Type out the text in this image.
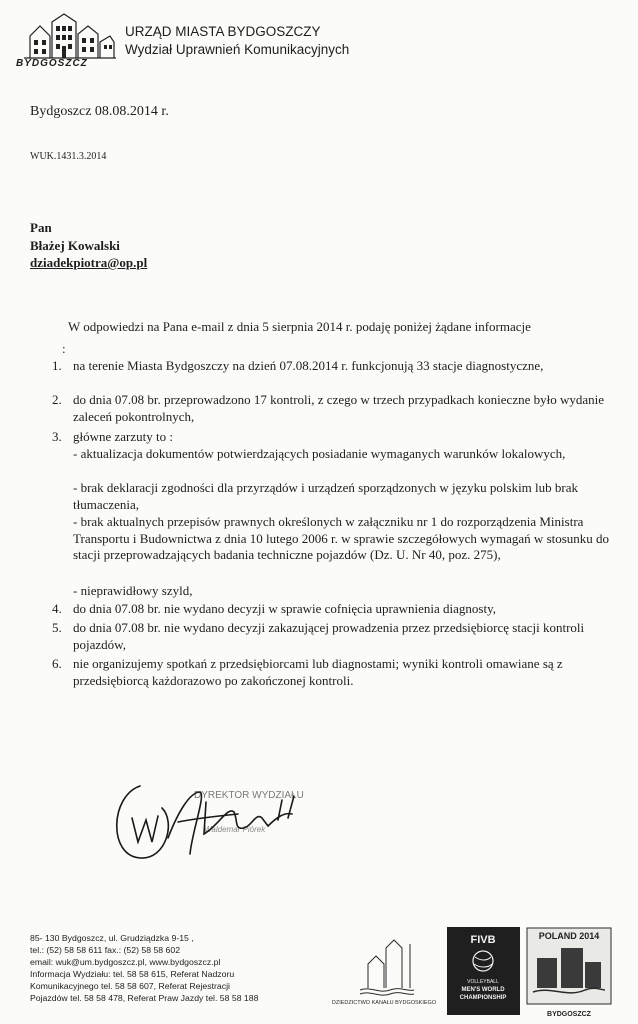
BYDGOSZCZ
URZĄD MIASTA BYDGOSZCZY
Wydział Uprawnień Komunikacyjnych
Bydgoszcz 08.08.2014 r.
WUK.1431.3.2014
Pan
Błażej Kowalski
dziadekpiotra@op.pl
W odpowiedzi na Pana e-mail z dnia 5 sierpnia 2014 r. podaję poniżej żądane informacje
:
1. na terenie Miasta Bydgoszczy na dzień 07.08.2014 r. funkcjonują 33 stacje diagnostyczne,
2. do dnia 07.08 br. przeprowadzono 17 kontroli, z czego w trzech przypadkach konieczne było wydanie zaleceń pokontrolnych,
3. główne zarzuty to :
- aktualizacja dokumentów potwierdzających posiadanie wymaganych warunków lokalowych,
- brak deklaracji zgodności dla przyrządów i urządzeń sporządzonych w języku polskim lub brak tłumaczenia,
- brak aktualnych przepisów prawnych określonych w załączniku nr 1 do rozporządzenia Ministra Transportu i Budownictwa z dnia 10 lutego 2006 r. w sprawie szczegółowych wymagań w stosunku do stacji przeprowadzających badania techniczne pojazdów (Dz. U. Nr 40, poz. 275),
- nieprawidłowy szyld,
4. do dnia 07.08 br. nie wydano decyzji w sprawie cofnięcia uprawnienia diagnosty,
5. do dnia 07.08 br. nie wydano decyzji zakazującej prowadzenia przez przedsiębiorcę stacji kontroli pojazdów,
6. nie organizujemy spotkań z przedsiębiorcami lub diagnostami; wyniki kontroli omawiane są z przedsiębiorcą każdorazowo po zakończonej kontroli.
DYREKTOR WYDZIAŁU
Waldemar Piórek
85- 130 Bydgoszcz, ul. Grudziądzka 9-15 ,
tel.: (52) 58 58 611 fax.: (52) 58 58 602
email: wuk@um.bydgoszcz.pl, www.bydgoszcz.pl
Informacja Wydziału: tel. 58 58 615, Referat Nadzoru
Komunikacyjnego tel. 58 58 607, Referat Rejestracji
Pojazdów tel. 58 58 478, Referat Praw Jazdy tel. 58 58 188	DZIEDZICTWO KANAŁU BYDGOSKIEGO
FIVB
VOLLEYBALL
MEN'S WORLD
CHAMPIONSHIP
POLAND 2014
BYDGOSZCZ
